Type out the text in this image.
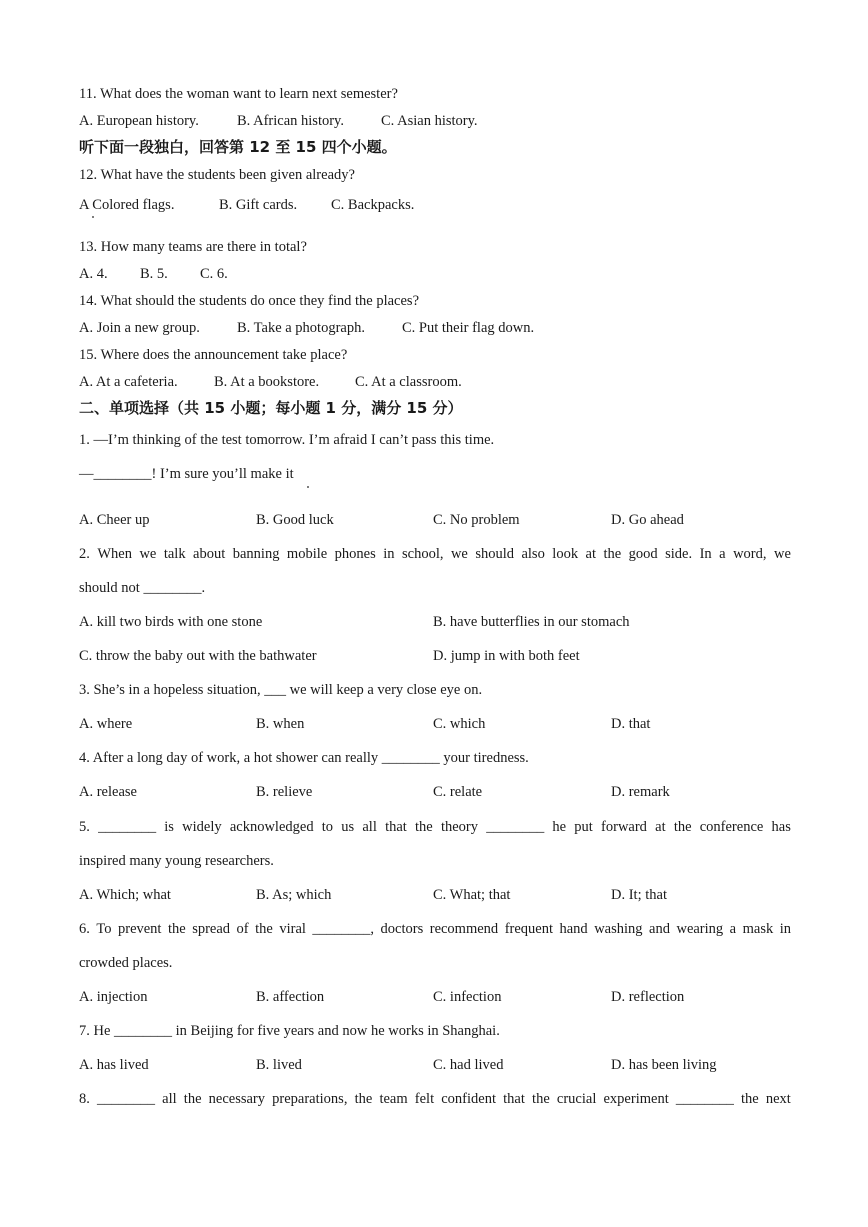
11. What does the woman want to learn next semester?
A. European history.	B. African history.	C. Asian history.
听下面一段独白，回答第 12 至 15 四个小题。
12. What have the students been given already?
A Colored flags.	B. Gift cards. C. Backpacks.
13. How many teams are there in total?
A. 4. B. 5. C. 6.
14. What should the students do once they find the places?
A. Join a new group.	B. Take a photograph.	C. Put their flag down.
15. Where does the announcement take place?
A. At a cafeteria.	B. At a bookstore. C. At a classroom.
二、单项选择（共 15 小题；每小题 1 分，满分 15 分）
1. —I’m thinking of the test tomorrow. I’m afraid I can’t pass this time.
—________! I’m sure you’ll make it
A. Cheer up	B. Good luck	C. No problem	D. Go ahead
2. When we talk about banning mobile phones in school, we should also look at the good side. In a word, we
should not ________.
A. kill two birds with one stone	B. have butterflies in our stomach
C. throw the baby out with the bathwater	D. jump in with both feet
3. She’s in a hopeless situation, ___ we will keep a very close eye on.
A. where	B. when	C. which	D. that
4. After a long day of work, a hot shower can really ________ your tiredness.
A. release	B. relieve	C. relate	D. remark
5. ________ is widely acknowledged to us all that the theory ________ he put forward at the conference has
inspired many young researchers.
A. Which; what	B. As; which	C. What; that	D. It; that
6. To prevent the spread of the viral ________, doctors recommend frequent hand washing and wearing a mask in
crowded places.
A. injection	B. affection	C. infection	D. reflection
7. He ________ in Beijing for five years and now he works in Shanghai.
A. has lived	B. lived	C. had lived	D. has been living
8. ________ all the necessary preparations, the team felt confident that the crucial experiment ________ the next
